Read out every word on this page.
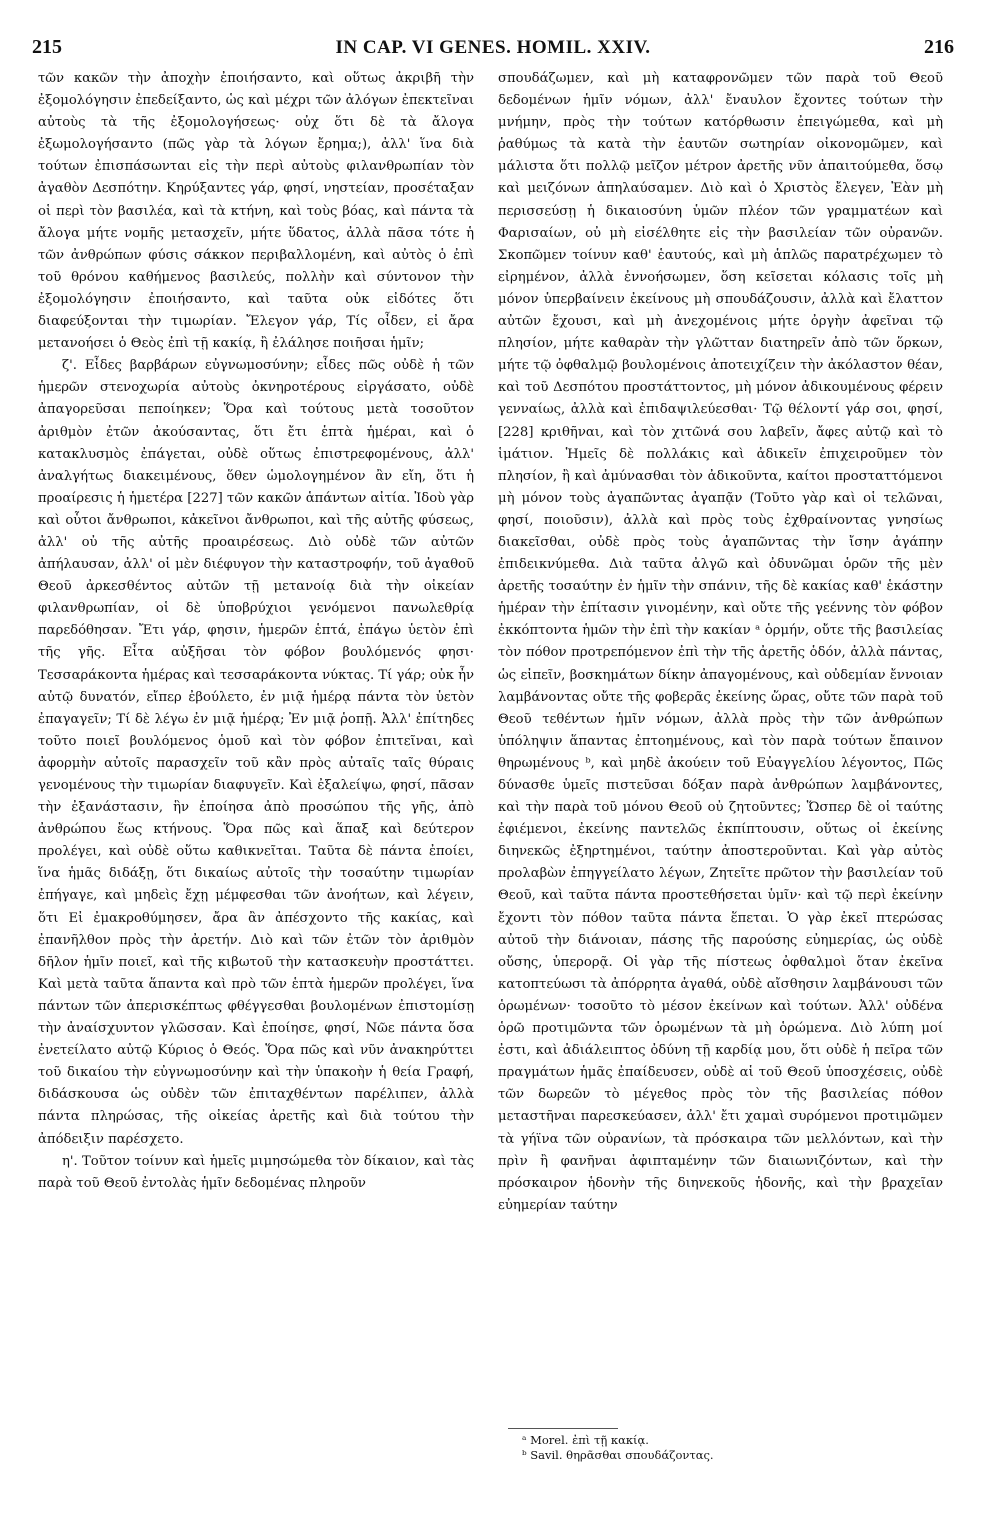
215	IN CAP. VI GENES. HOMIL. XXIV.	216

τῶν κακῶν τὴν ἀποχὴν ἐποιήσαντο, καὶ οὕτως ἀκριβῆ τὴν ἐξομολόγησιν ἐπεδείξαντο, ὡς καὶ μέχρι τῶν ἀλόγων ἐπεκτεῖναι αὐτοὺς τὰ τῆς ἐξομολογήσεως· οὐχ ὅτι δὲ τὰ ἄλογα ἐξωμολογήσαντο (πῶς γὰρ τὰ λόγων ἔρημα;), ἀλλ' ἵνα διὰ τούτων ἐπισπάσωνται εἰς τὴν περὶ αὐτοὺς φιλανθρωπίαν τὸν ἀγαθὸν Δεσπότην. Κηρύξαντες γάρ, φησί, νηστείαν, προσέταξαν οἱ περὶ τὸν βασιλέα, καὶ τὰ κτήνη, καὶ τοὺς βόας, καὶ πάντα τὰ ἄλογα μήτε νομῆς μετασχεῖν, μήτε ὕδατος, ἀλλὰ πᾶσα τότε ἡ τῶν ἀνθρώπων φύσις σάκκον περιβαλλομένη, καὶ αὐτὸς ὁ ἐπὶ τοῦ θρόνου καθήμενος βασιλεύς, πολλὴν καὶ σύντονον τὴν ἐξομολόγησιν ἐποιήσαντο, καὶ ταῦτα οὐκ εἰδότες ὅτι διαφεύξονται τὴν τιμωρίαν. Ἔλεγον γάρ, Τίς οἶδεν, εἰ ἄρα μετανοήσει ὁ Θεὸς ἐπὶ τῇ κακίᾳ, ἢ ἐλάλησε ποιῆσαι ἡμῖν;

ζ'. Εἶδες βαρβάρων εὐγνωμοσύνην; εἶδες πῶς οὐδὲ ἡ τῶν ἡμερῶν στενοχωρία αὐτοὺς ὀκνηροτέρους εἰργάσατο, οὐδὲ ἀπαγορεῦσαι πεποίηκεν; Ὅρα καὶ τούτους μετὰ τοσοῦτον ἀριθμὸν ἐτῶν ἀκούσαντας, ὅτι ἔτι ἑπτὰ ἡμέραι, καὶ ὁ κατακλυσμὸς ἐπάγεται, οὐδὲ οὕτως ἐπιστρεφομένους, ἀλλ' ἀναλγήτως διακειμένους, ὅθεν ὡμολογημένον ἂν εἴη, ὅτι ἡ προαίρεσις ἡ ἡμετέρα [227] τῶν κακῶν ἁπάντων αἰτία. Ἰδοὺ γὰρ καὶ οὗτοι ἄνθρωποι, κἀκεῖνοι ἄνθρωποι, καὶ τῆς αὐτῆς φύσεως, ἀλλ' οὐ τῆς αὐτῆς προαιρέσεως. Διὸ οὐδὲ τῶν αὐτῶν ἀπήλαυσαν, ἀλλ' οἱ μὲν διέφυγον τὴν καταστροφήν, τοῦ ἀγαθοῦ Θεοῦ ἀρκεσθέντος αὐτῶν τῇ μετανοίᾳ διὰ τὴν οἰκείαν φιλανθρωπίαν, οἱ δὲ ὑποβρύχιοι γενόμενοι πανωλεθρίᾳ παρεδόθησαν. Ἔτι γάρ, φησιν, ἡμερῶν ἑπτά, ἐπάγω ὑετὸν ἐπὶ τῆς γῆς. Εἶτα αὐξῆσαι τὸν φόβον βουλόμενός φησι· Τεσσαράκοντα ἡμέρας καὶ τεσσαράκοντα νύκτας. Τί γάρ; οὐκ ἦν αὐτῷ δυνατόν, εἴπερ ἐβούλετο, ἐν μιᾷ ἡμέρᾳ πάντα τὸν ὑετὸν ἐπαγαγεῖν; Τί δὲ λέγω ἐν μιᾷ ἡμέρᾳ; Ἐν μιᾷ ῥοπῇ. Ἀλλ' ἐπίτηδες τοῦτο ποιεῖ βουλόμενος ὁμοῦ καὶ τὸν φόβον ἐπιτεῖναι, καὶ ἀφορμὴν αὐτοῖς παρασχεῖν τοῦ κἂν πρὸς αὐταῖς ταῖς θύραις γενομένους τὴν τιμωρίαν διαφυγεῖν. Καὶ ἐξαλείψω, φησί, πᾶσαν τὴν ἐξανάστασιν, ἣν ἐποίησα ἀπὸ προσώπου τῆς γῆς, ἀπὸ ἀνθρώπου ἕως κτήνους. Ὅρα πῶς καὶ ἅπαξ καὶ δεύτερον προλέγει, καὶ οὐδὲ οὕτω καθικνεῖται. Ταῦτα δὲ πάντα ἐποίει, ἵνα ἡμᾶς διδάξῃ, ὅτι δικαίως αὐτοῖς τὴν τοσαύτην τιμωρίαν ἐπήγαγε, καὶ μηδεὶς ἔχῃ μέμφεσθαι τῶν ἀνοήτων, καὶ λέγειν, ὅτι Εἰ ἐμακροθύμησεν, ἄρα ἂν ἀπέσχοντο τῆς κακίας, καὶ ἐπανῆλθον πρὸς τὴν ἀρετήν. Διὸ καὶ τῶν ἐτῶν τὸν ἀριθμὸν δῆλον ἡμῖν ποιεῖ, καὶ τῆς κιβωτοῦ τὴν κατασκευὴν προστάττει. Καὶ μετὰ ταῦτα ἅπαντα καὶ πρὸ τῶν ἑπτὰ ἡμερῶν προλέγει, ἵνα πάντων τῶν ἀπερισκέπτως φθέγγεσθαι βουλομένων ἐπιστομίσῃ τὴν ἀναίσχυντον γλῶσσαν. Καὶ ἐποίησε, φησί, Νῶε πάντα ὅσα ἐνετείλατο αὐτῷ Κύριος ὁ Θεός. Ὅρα πῶς καὶ νῦν ἀνακηρύττει τοῦ δικαίου τὴν εὐγνωμοσύνην καὶ τὴν ὑπακοὴν ἡ θεία Γραφή, διδάσκουσα ὡς οὐδὲν τῶν ἐπιταχθέντων παρέλιπεν, ἀλλὰ πάντα πληρώσας, τῆς οἰκείας ἀρετῆς καὶ διὰ τούτου τὴν ἀπόδειξιν παρέσχετο.

η'. Τοῦτον τοίνυν καὶ ἡμεῖς μιμησώμεθα τὸν δίκαιον, καὶ τὰς παρὰ τοῦ Θεοῦ ἐντολὰς ἡμῖν δεδομένας πληροῦν

σπουδάζωμεν, καὶ μὴ καταφρονῶμεν τῶν παρὰ τοῦ Θεοῦ δεδομένων ἡμῖν νόμων, ἀλλ' ἔναυλον ἔχοντες τούτων τὴν μνήμην, πρὸς τὴν τούτων κατόρθωσιν ἐπειγώμεθα, καὶ μὴ ῥαθύμως τὰ κατὰ τὴν ἑαυτῶν σωτηρίαν οἰκονομῶμεν, καὶ μάλιστα ὅτι πολλῷ μεῖζον μέτρον ἀρετῆς νῦν ἀπαιτούμεθα, ὅσῳ καὶ μειζόνων ἀπηλαύσαμεν. Διὸ καὶ ὁ Χριστὸς ἔλεγεν, Ἐὰν μὴ περισσεύσῃ ἡ δικαιοσύνη ὑμῶν πλέον τῶν γραμματέων καὶ Φαρισαίων, οὐ μὴ εἰσέλθητε εἰς τὴν βασιλείαν τῶν οὐρανῶν. Σκοπῶμεν τοίνυν καθ' ἑαυτούς, καὶ μὴ ἁπλῶς παρατρέχωμεν τὸ εἰρημένον, ἀλλὰ ἐννοήσωμεν, ὅση κεῖσεται κόλασις τοῖς μὴ μόνον ὑπερβαίνειν ἐκείνους μὴ σπουδάζουσιν, ἀλλὰ καὶ ἔλαττον αὐτῶν ἔχουσι, καὶ μὴ ἀνεχομένοις μήτε ὀργὴν ἀφεῖναι τῷ πλησίον, μήτε καθαρὰν τὴν γλῶτταν διατηρεῖν ἀπὸ τῶν ὅρκων, μήτε τῷ ὀφθαλμῷ βουλομένοις ἀποτειχίζειν τὴν ἀκόλαστον θέαν, καὶ τοῦ Δεσπότου προστάττοντος, μὴ μόνον ἀδικουμένους φέρειν γενναίως, ἀλλὰ καὶ ἐπιδαψιλεύεσθαι· Τῷ θέλοντί γάρ σοι, φησί, [228] κριθῆναι, καὶ τὸν χιτῶνά σου λαβεῖν, ἄφες αὐτῷ καὶ τὸ ἱμάτιον. Ἡμεῖς δὲ πολλάκις καὶ ἀδικεῖν ἐπιχειροῦμεν τὸν πλησίον, ἢ καὶ ἀμύνασθαι τὸν ἀδικοῦντα, καίτοι προσταττόμενοι μὴ μόνον τοὺς ἀγαπῶντας ἀγαπᾷν (Τοῦτο γὰρ καὶ οἱ τελῶναι, φησί, ποιοῦσιν), ἀλλὰ καὶ πρὸς τοὺς ἐχθραίνοντας γνησίως διακεῖσθαι, οὐδὲ πρὸς τοὺς ἀγαπῶντας τὴν ἴσην ἀγάπην ἐπιδεικνύμεθα. Διὰ ταῦτα ἀλγῶ καὶ ὀδυνῶμαι ὁρῶν τῆς μὲν ἀρετῆς τοσαύτην ἐν ἡμῖν τὴν σπάνιν, τῆς δὲ κακίας καθ' ἑκάστην ἡμέραν τὴν ἐπίτασιν γινομένην, καὶ οὔτε τῆς γεέννης τὸν φόβον ἐκκόπτοντα ἡμῶν τὴν ἐπὶ τὴν κακίαν ᵃ ὁρμήν, οὔτε τῆς βασιλείας τὸν πόθον προτρεπόμενον ἐπὶ τὴν τῆς ἀρετῆς ὁδόν, ἀλλὰ πάντας, ὡς εἰπεῖν, βοσκημάτων δίκην ἀπαγομένους, καὶ οὐδεμίαν ἔννοιαν λαμβάνοντας οὔτε τῆς φοβερᾶς ἐκείνης ὥρας, οὔτε τῶν παρὰ τοῦ Θεοῦ τεθέντων ἡμῖν νόμων, ἀλλὰ πρὸς τὴν τῶν ἀνθρώπων ὑπόληψιν ἅπαντας ἐπτοημένους, καὶ τὸν παρὰ τούτων ἔπαινον θηρωμένους ᵇ, καὶ μηδὲ ἀκούειν τοῦ Εὐαγγελίου λέγοντος, Πῶς δύνασθε ὑμεῖς πιστεῦσαι δόξαν παρὰ ἀνθρώπων λαμβάνοντες, καὶ τὴν παρὰ τοῦ μόνου Θεοῦ οὐ ζητοῦντες; Ὥσπερ δὲ οἱ ταύτης ἐφιέμενοι, ἐκείνης παντελῶς ἐκπίπτουσιν, οὕτως οἱ ἐκείνης διηνεκῶς ἐξηρτημένοι, ταύτην ἀποστεροῦνται. Καὶ γὰρ αὐτὸς προλαβὼν ἐπηγγείλατο λέγων, Ζητεῖτε πρῶτον τὴν βασιλείαν τοῦ Θεοῦ, καὶ ταῦτα πάντα προστεθήσεται ὑμῖν· καὶ τῷ περὶ ἐκείνην ἔχοντι τὸν πόθον ταῦτα πάντα ἕπεται. Ὁ γὰρ ἐκεῖ πτερώσας αὐτοῦ τὴν διάνοιαν, πάσης τῆς παρούσης εὐημερίας, ὡς οὐδὲ οὔσης, ὑπερορᾷ. Οἱ γὰρ τῆς πίστεως ὀφθαλμοὶ ὅταν ἐκεῖνα κατοπτεύωσι τὰ ἀπόρρητα ἀγαθά, οὐδὲ αἴσθησιν λαμβάνουσι τῶν ὁρωμένων· τοσοῦτο τὸ μέσον ἐκείνων καὶ τούτων. Ἀλλ' οὐδένα ὁρῶ προτιμῶντα τῶν ὁρωμένων τὰ μὴ ὁρώμενα. Διὸ λύπη μοί ἐστι, καὶ ἀδιάλειπτος ὀδύνη τῇ καρδίᾳ μου, ὅτι οὐδὲ ἡ πεῖρα τῶν πραγμάτων ἡμᾶς ἐπαίδευσεν, οὐδὲ αἱ τοῦ Θεοῦ ὑποσχέσεις, οὐδὲ τῶν δωρεῶν τὸ μέγεθος πρὸς τὸν τῆς βασιλείας πόθον μεταστῆναι παρεσκεύασεν, ἀλλ' ἔτι χαμαὶ συρόμενοι προτιμῶμεν τὰ γήϊνα τῶν οὐρανίων, τὰ πρόσκαιρα τῶν μελλόντων, καὶ τὴν πρὶν ἢ φανῆναι ἀφιπταμένην τῶν διαιωνιζόντων, καὶ τὴν πρόσκαιρον ἡδονὴν τῆς διηνεκοῦς ἡδονῆς, καὶ τὴν βραχεῖαν εὐημερίαν ταύτην

ᵃ Morel. ἐπὶ τῇ κακίᾳ.
ᵇ Savil. θηρᾶσθαι σπουδάζοντας.
